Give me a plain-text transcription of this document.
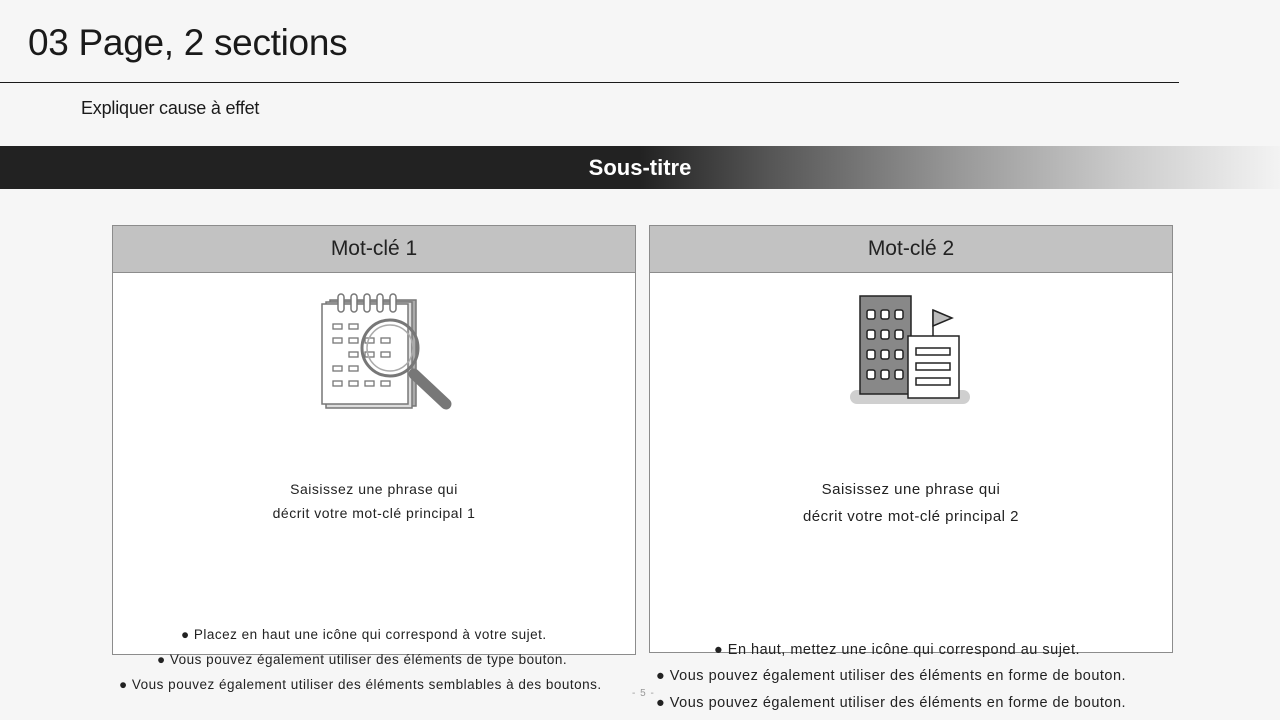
03 Page, 2 sections
Expliquer cause à effet
Sous-titre
Mot-clé 1
Saisissez une phrase qui
décrit votre mot-clé principal 1
Mot-clé 2
Saisissez une phrase qui
décrit votre mot-clé principal 2
● Placez en haut une icône qui correspond à votre sujet.
● Vous pouvez également utiliser des éléments de type bouton.
● Vous pouvez également utiliser des éléments semblables à des boutons.
● En haut, mettez une icône qui correspond au sujet.
● Vous pouvez également utiliser des éléments en forme de bouton.
● Vous pouvez également utiliser des éléments en forme de bouton.
- 5 -
